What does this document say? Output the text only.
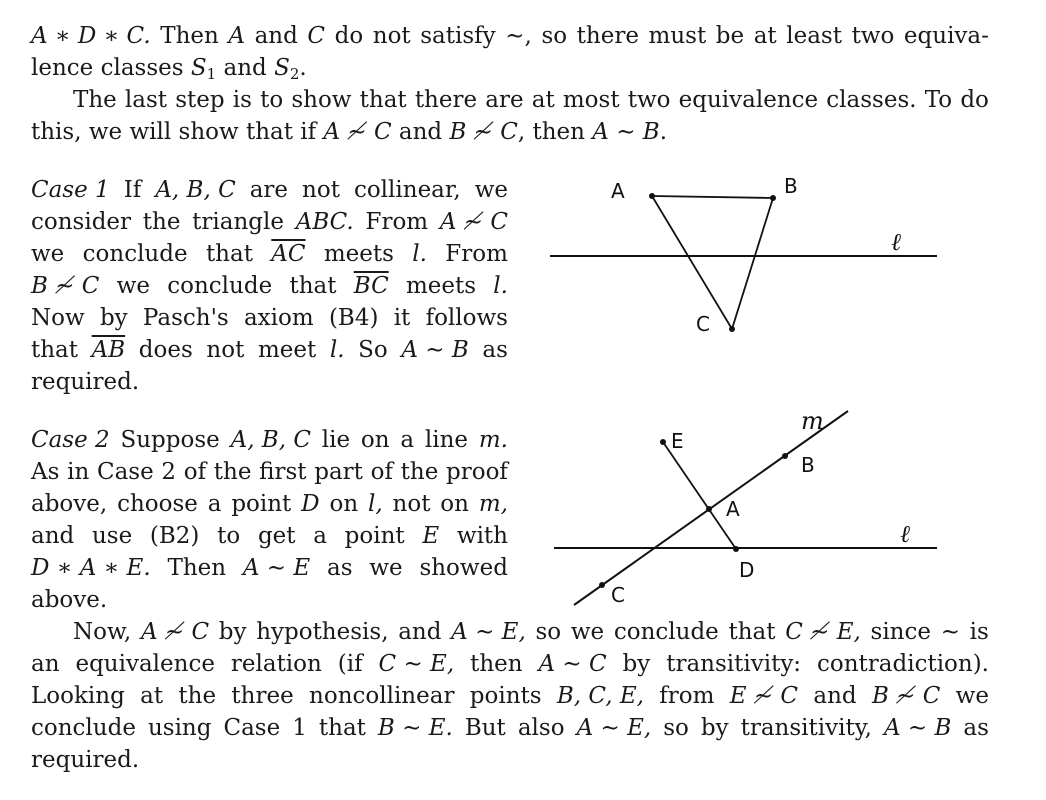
A ∗ D ∗ C. Then A and C do not satisfy ∼, so there must be at least two equiva-
lence classes $S_1$ and $S_2$.
The last step is to show that there are at most two equivalence classes. To do
this, we will show that if A ≁ C and B ≁ C, then A ∼ B.
Case 1 If A, B, C are not collinear, we
consider the triangle ABC. From A ≁ C
we conclude that $\overline{AC}$ meets l. From
B ≁ C we conclude that $\overline{BC}$ meets l.
Now by Pasch's axiom (B4) it follows
that $\overline{AB}$ does not meet l. So A ∼ B as
required.
Case 2 Suppose A, B, C lie on a line m.
As in Case 2 of the first part of the proof
above, choose a point D on l, not on m,
and use (B2) to get a point E with
D ∗ A ∗ E. Then A ∼ E as we showed
above.
Now, A ≁ C by hypothesis, and A ∼ E, so we conclude that C ≁ E, since ∼ is
an equivalence relation (if C ∼ E, then A ∼ C by transitivity: contradiction).
Looking at the three noncollinear points B, C, E, from E ≁ C and B ≁ C we
conclude using Case 1 that B ∼ E. But also A ∼ E, so by transitivity, A ∼ B as
required.
A	B
C
ℓ
E
m
B
A
ℓ
D
C
